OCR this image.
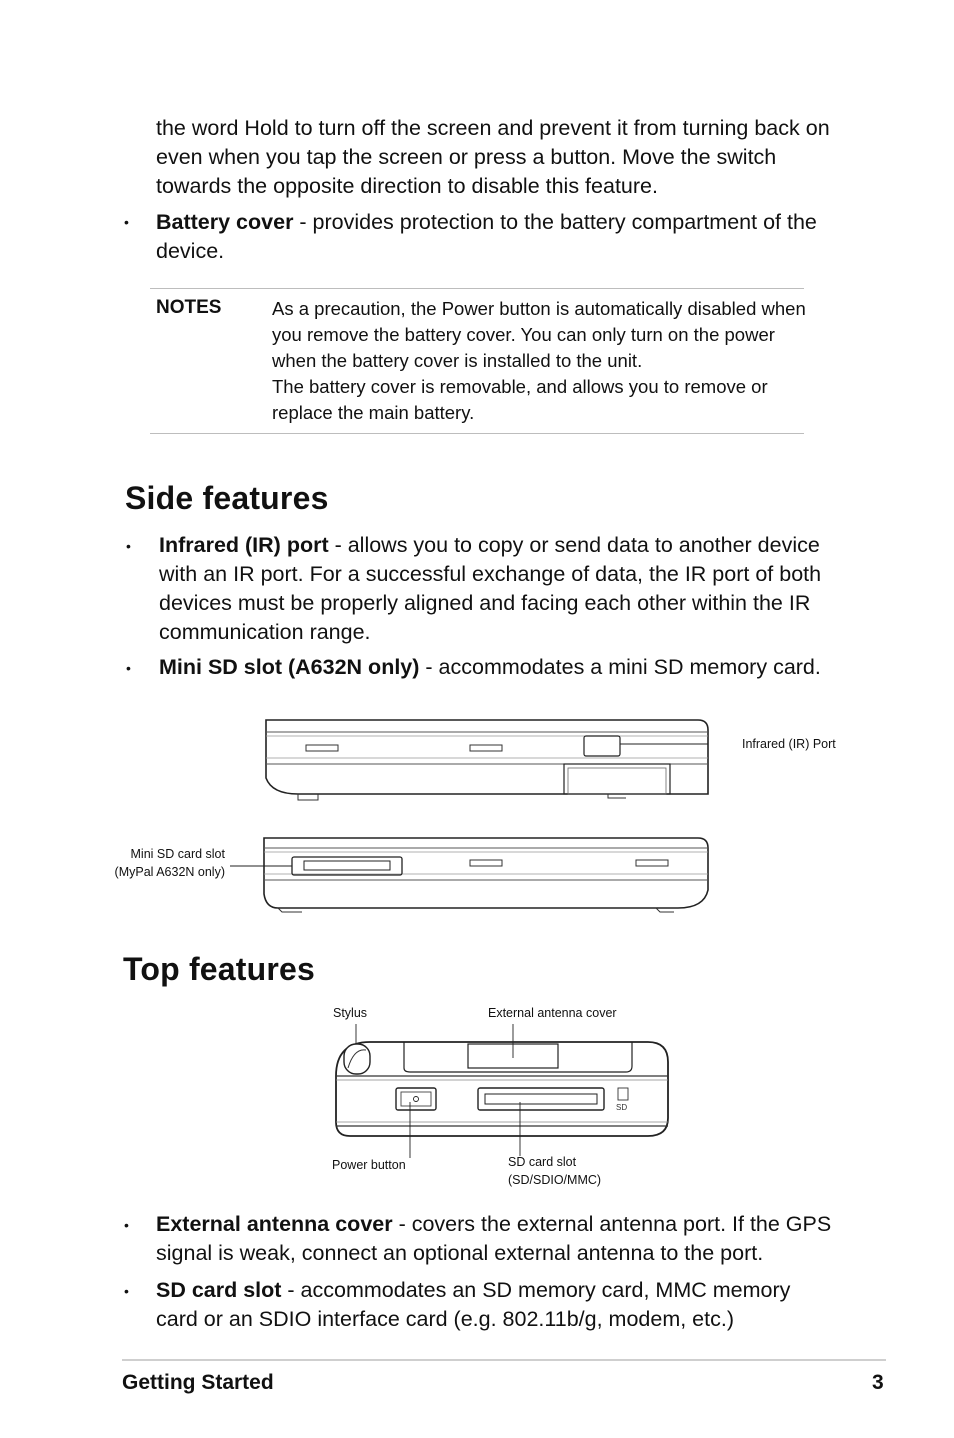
the word Hold to turn off the screen and prevent it from turning back on even when you tap the screen or press a button. Move the switch towards the opposite direction to disable this feature.
• Battery cover - provides protection to the battery compartment of the device.
NOTES	As a precaution, the Power button is automatically disabled when you remove the battery cover. You can only turn on the power when the battery cover is installed to the unit.
The battery cover is removable, and allows you to remove or replace the main battery.
Side features
• Infrared (IR) port - allows you to copy or send data to another device with an IR port. For a successful exchange of data, the IR port of both devices must be properly aligned and facing each other within the IR communication range.
• Mini SD slot (A632N only) - accommodates a mini SD memory card.
Infrared (IR) Port
Mini SD card slot
(MyPal A632N only)
Top features
Stylus	External antenna cover
SD
Power button	SD card slot
(SD/SDIO/MMC)
• External antenna cover - covers the external antenna port. If the GPS signal is weak, connect an optional external antenna to the port.
• SD card slot - accommodates an SD memory card, MMC memory card or an SDIO interface card (e.g. 802.11b/g, modem, etc.)
Getting Started	3
